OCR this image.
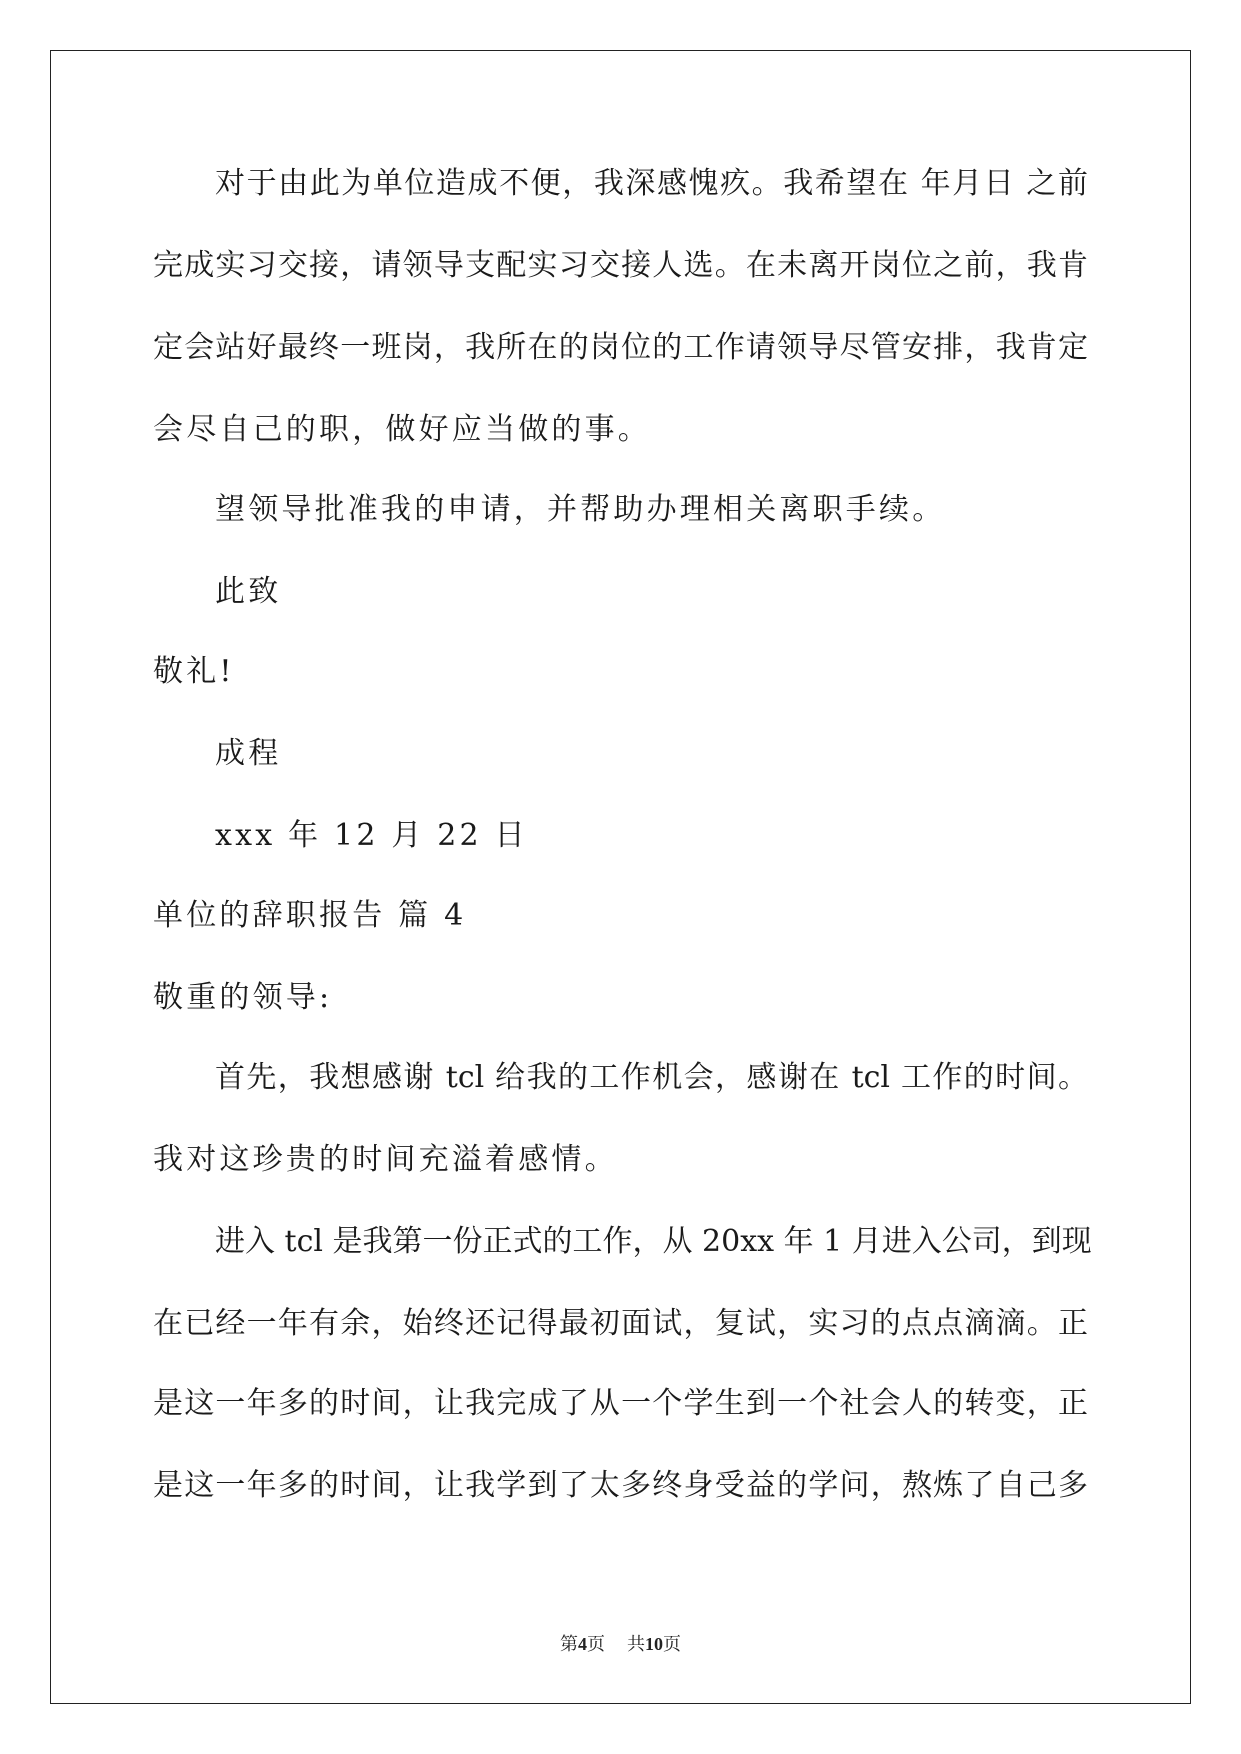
对于由此为单位造成不便，我深感愧疚。我希望在 年月日 之前
完成实习交接，请领导支配实习交接人选。在未离开岗位之前，我肯
定会站好最终一班岗，我所在的岗位的工作请领导尽管安排，我肯定
会尽自己的职，做好应当做的事。
望领导批准我的申请，并帮助办理相关离职手续。
此致
敬礼!
成程
xxx 年 12 月 22 日
单位的辞职报告 篇 4
敬重的领导:
首先，我想感谢 tcl 给我的工作机会，感谢在 tcl 工作的时间。
我对这珍贵的时间充溢着感情。
进入 tcl 是我第一份正式的工作，从 20xx 年 1 月进入公司，到现
在已经一年有余，始终还记得最初面试，复试，实习的点点滴滴。正
是这一年多的时间，让我完成了从一个学生到一个社会人的转变，正
是这一年多的时间，让我学到了太多终身受益的学问，熬炼了自己多
第4页 共10页
